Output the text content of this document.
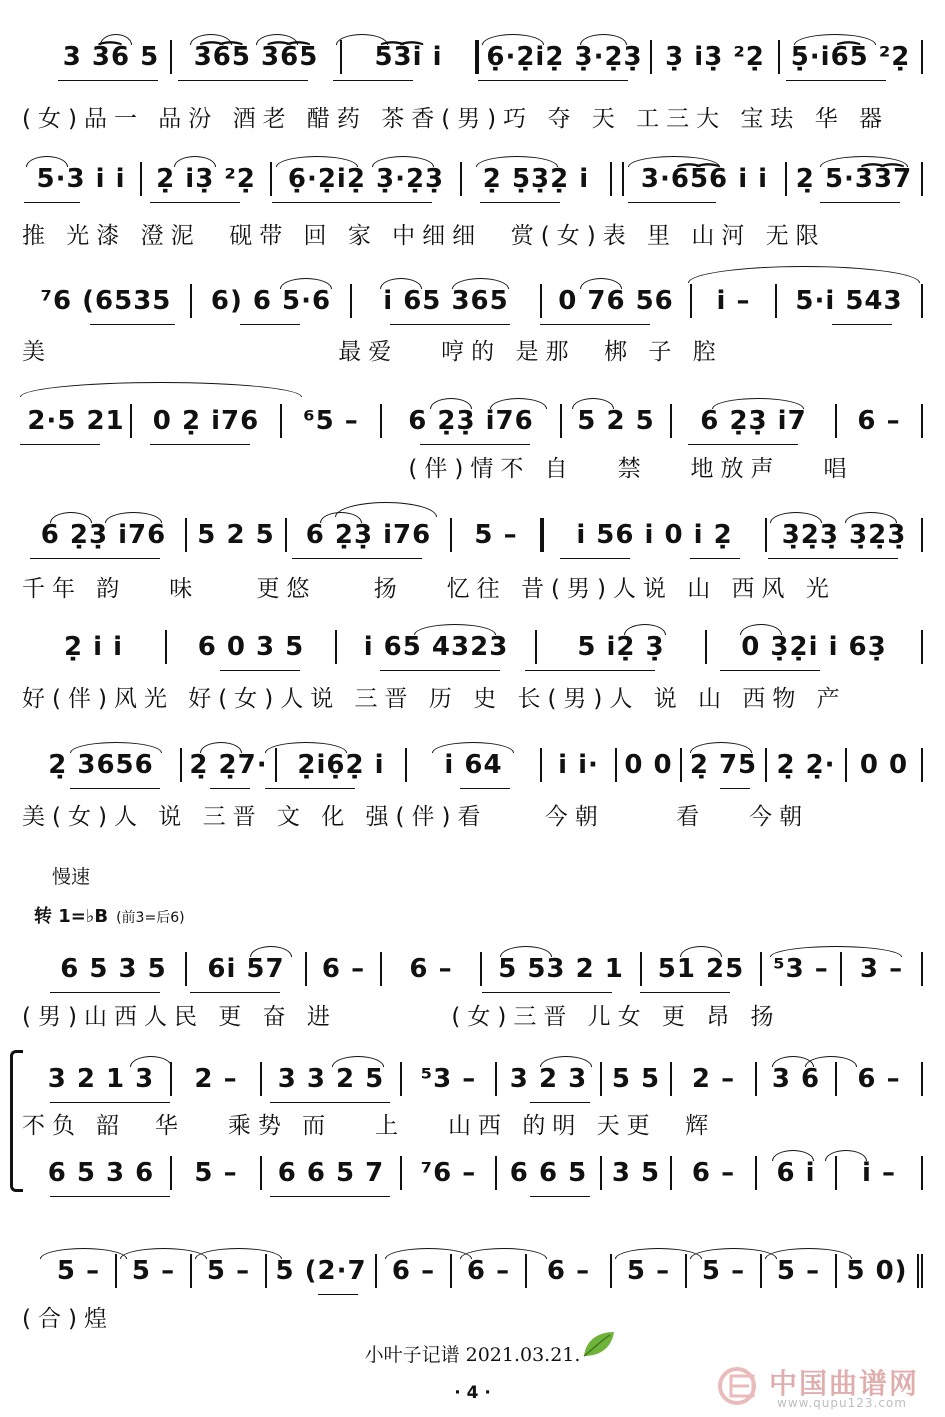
3 3͡6 5	3͡6͡5 3͡6͡5	5͡3͡i i	6̣·2̣i2̣ 3̣·2̣3̣ 3̣ i3̣ ²2̣ 5̣·i6͡5 ²2̣
(女)品一 品汾 酒老 醋药 茶香(男)巧 夺 天 工三大 宝珐 华 器
5·3 i i	2̣ i3̣ ²2̣	6̣·2̣i2̣ 3̣·2̣3̣	2̣ 5̣3̣2̣ i	3·6͡5͡6 i i	2̣ 5·3͡3͡7
推 光漆 澄泥  砚带 回 家 中细细  赏(女)表 里 山河 无限
⁷6 (6535	6) 6 5·6	i 65 365	0 76 56	i –	5·i 543
美                    最爱   哼的 是那  梆 子 腔
2·5 21	0 2̣ i76	⁶5 –	6 2̣3̣ i76	5 2 5	6 2̣3̣ i7	6 –
(伴)情不 自   禁   地放声   唱
6 2̣3̣ i76	5 2 5	6 2̣3̣ i76	5 –	i 56 i 0 i 2̣	3̣2̣3̣ 3̣2̣3̣
千年 韵   味    更悠    扬   忆往 昔(男)人说 山 西风 光
2̣ i i	6 0 3 5	i 65 4323	5 i2̣ 3̣	0 3̣2̣i i 63̣
好(伴)风光 好(女)人说 三晋 历 史 长(男)人 说 山 西物 产
2̣ 3656	2̣ 2̣7·	2̣i6̣2̣ i	i 64	i i· 0 0 2̣ 75 2̣ 2̣· 0 0
美(女)人 说 三晋 文 化 强(伴)看    今朝     看   今朝
慢速
转 1=♭B (前3̇=后6)
6 5 3 5	6i 57	6 –	6 –	5 53 2 1	51 25	⁵3 –	3 –
(男)山西人民 更 奋 进        (女)三晋 儿女 更 昂 扬
3 2 1 3	2 –	3 3 2 5	⁵3 –	3 2 3 5 5	2 –	3 6	6 –
不负 韶  华   乘势 而   上   山西 的明 天更  辉
6 5 3 6	5 –	6 6 5 7	⁷6 –	6 6 5 3 5	6 –	6 i	i –
5 –	5 –	5 – 5 (2·7 6 –	6 –	6 –	5 –	5 –	5 –	5 0)
(合)煌
小叶子记谱 2021.03.21.
· 4 ·	中国曲谱网
www.qupu123.com
